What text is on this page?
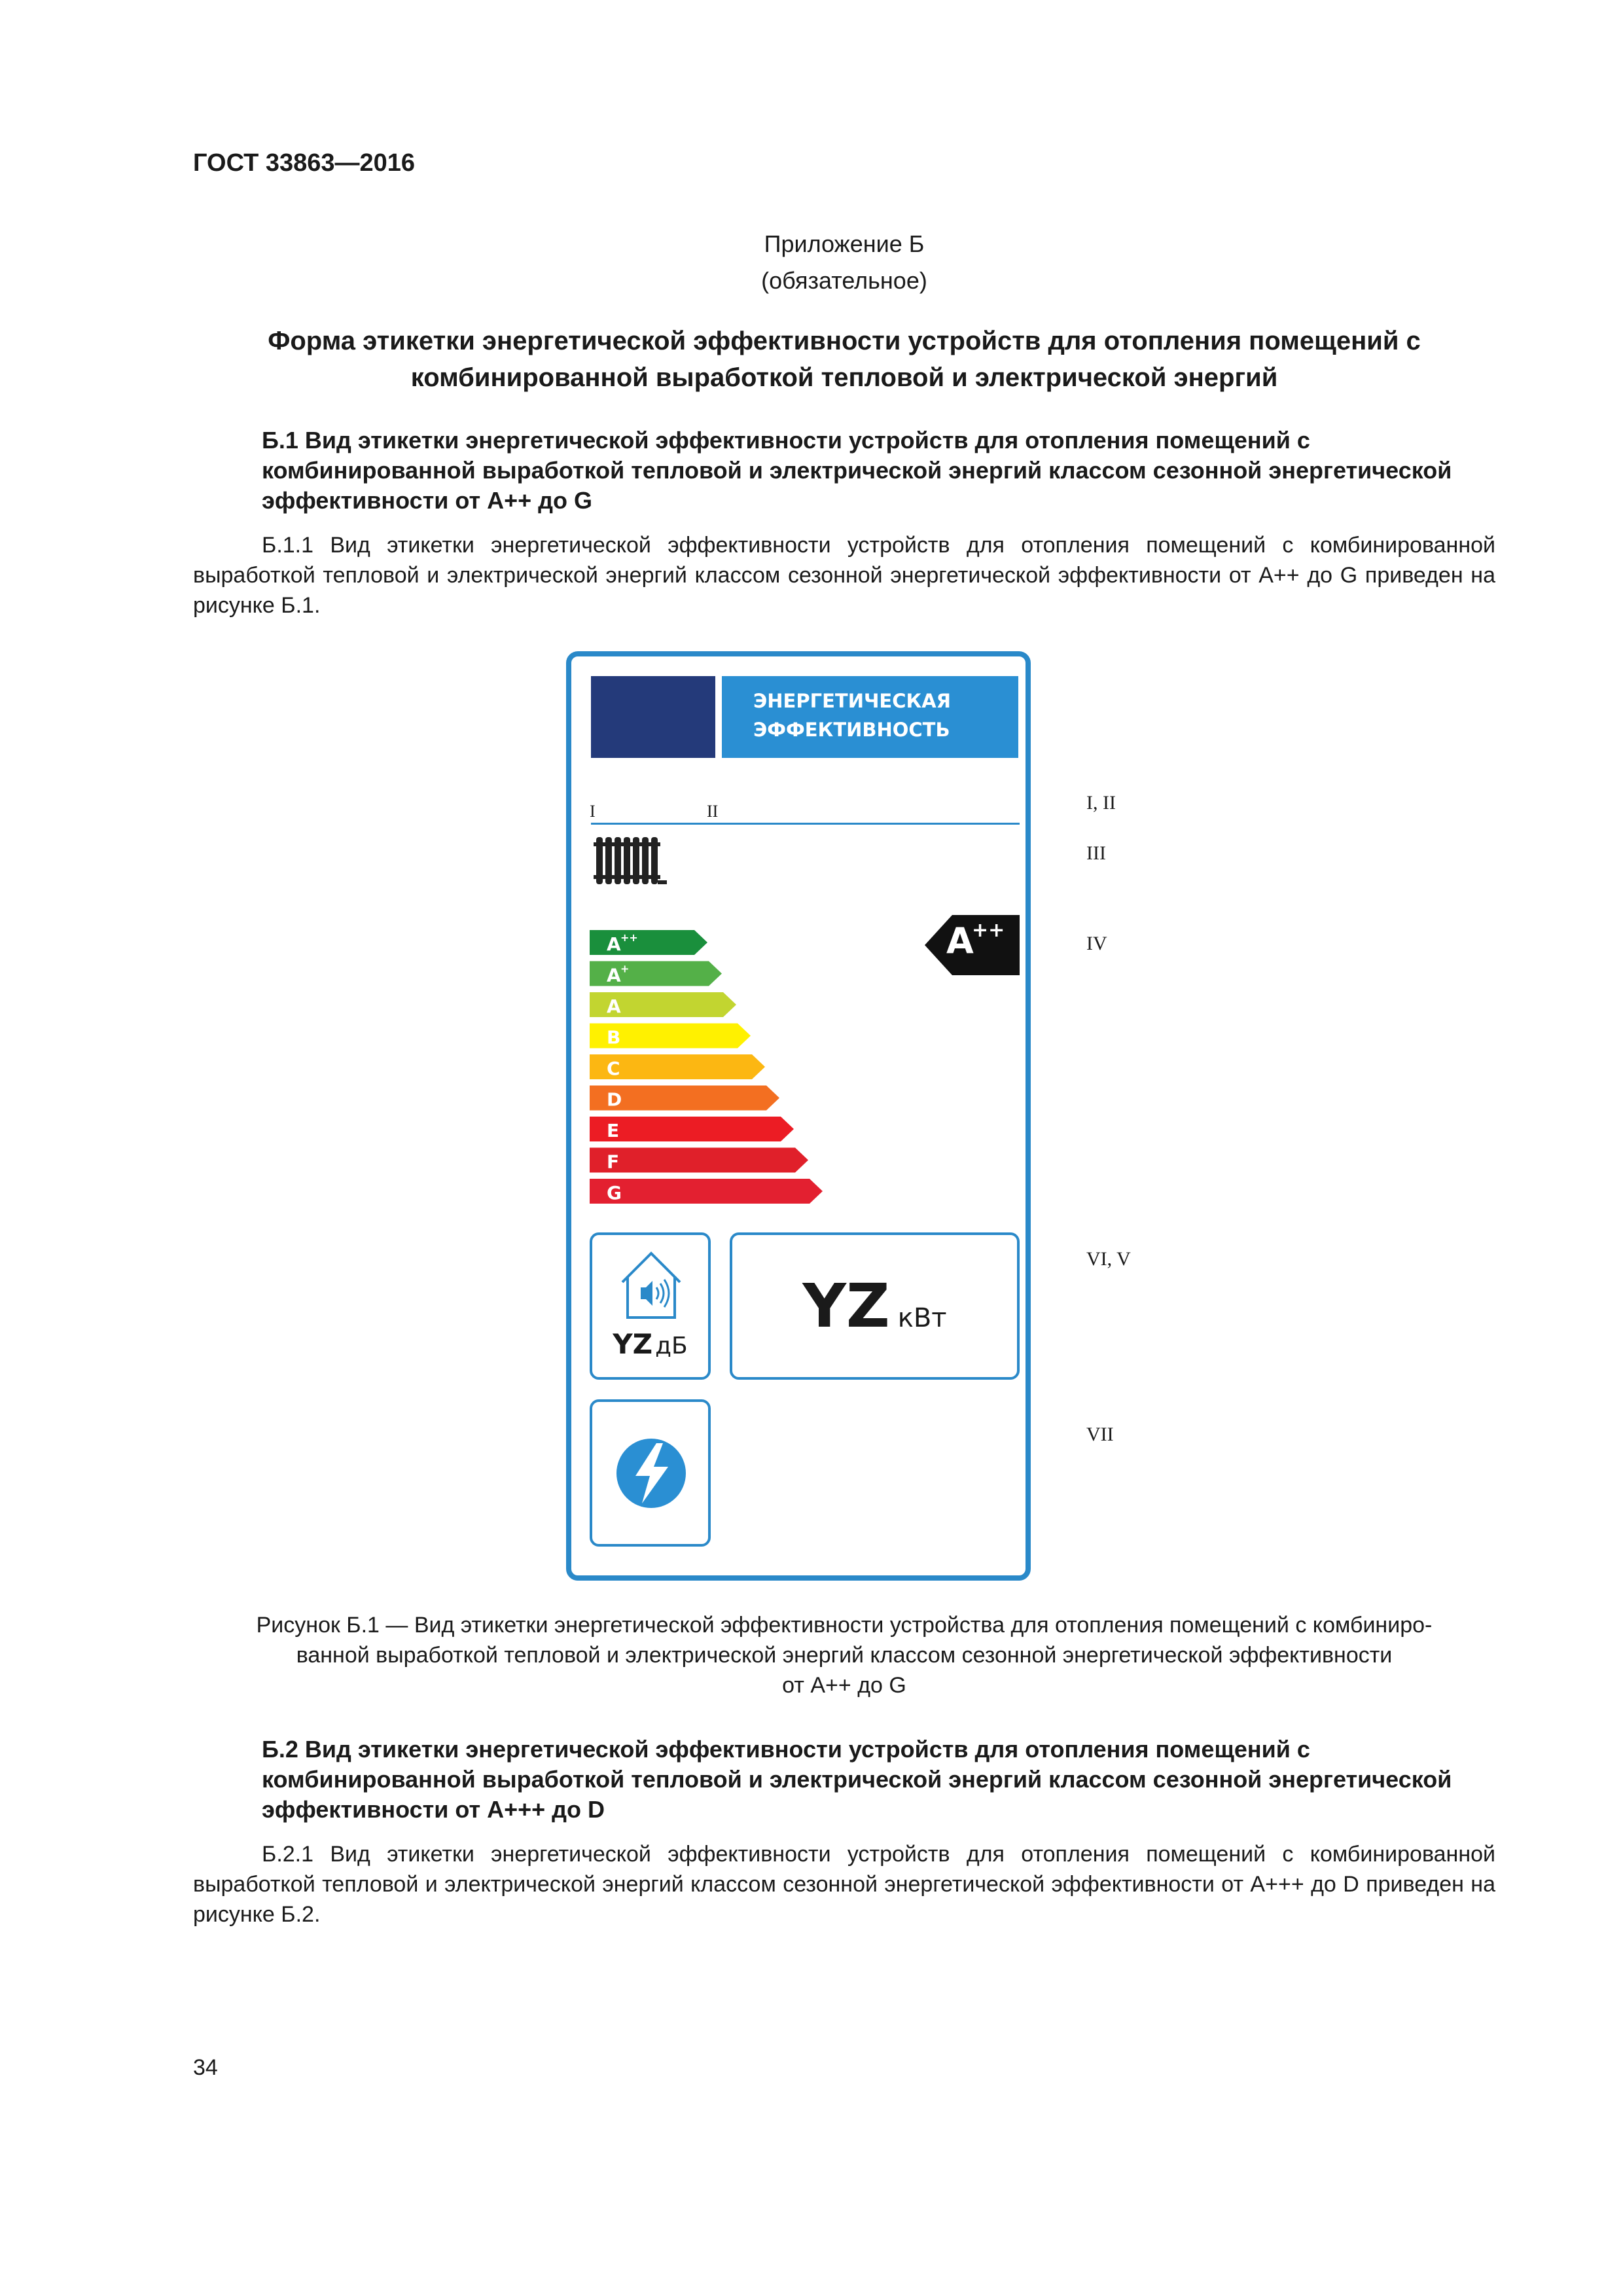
ГОСТ 33863—2016
Приложение Б
(обязательное)
Форма этикетки энергетической эффективности устройств для отопления помещений с
комбинированной выработкой тепловой и электрической энергий
Б.1 Вид этикетки энергетической эффективности устройств для отопления помещений с
комбинированной выработкой тепловой и электрической энергий классом сезонной энергетической
эффективности от А++ до G
Б.1.1 Вид этикетки энергетической эффективности устройств для отопления помещений с комбинированной выработкой тепловой и электрической энергий классом сезонной энергетической эффективности от А++ до G приведен на рисунке Б.1.
ЭНЕРГЕТИЧЕСКАЯ
ЭФФЕКТИВНОСТЬ
I	II
A ++
A +
A
B
C
D
E
F
G
A
++
YZ дБ
YZ кВт
I, II
III
IV
VI, V
VII
Рисунок Б.1 — Вид этикетки энергетической эффективности устройства для отопления помещений с комбиниро-
ванной выработкой тепловой и электрической энергий классом сезонной энергетической эффективности
от А++ до G
Б.2 Вид этикетки энергетической эффективности устройств для отопления помещений с
комбинированной выработкой тепловой и электрической энергий классом сезонной энергетической
эффективности от А+++ до D
Б.2.1 Вид этикетки энергетической эффективности устройств для отопления помещений с комбинированной выработкой тепловой и электрической энергий классом сезонной энергетической эффективности от А+++ до D приведен на рисунке Б.2.
34
